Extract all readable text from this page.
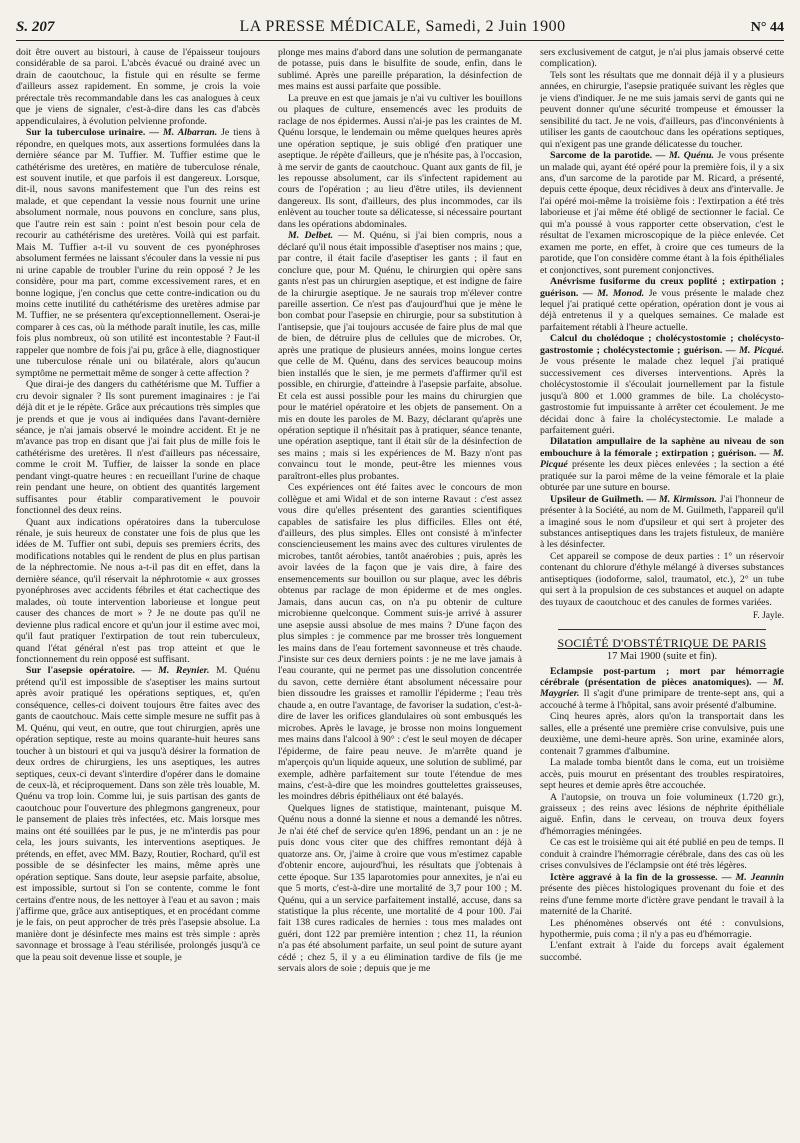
S. 207	LA PRESSE MÉDICALE, Samedi, 2 Juin 1900	N° 44

doit être ouvert au bistouri, à cause de l'épaisseur toujours considérable de sa paroi. L'abcès évacué ou drainé avec un drain de caoutchouc, la fistule qui en résulte se ferme d'ailleurs assez rapidement. En somme, je crois la voie prérectale très recommandable dans les cas analogues à ceux que je viens de signaler, c'est-à-dire dans les cas d'abcès appendiculaires, à évolution pelvienne profonde.

Sur la tuberculose urinaire. — M. Albarran. Je tiens à répondre, en quelques mots, aux assertions formulées dans la dernière séance par M. Tuffier. M. Tuffier estime que le cathétérisme des uretères, en matière de tuberculose rénale, est souvent inutile, et que parfois il est dangereux. Lorsque, dit-il, nous savons manifestement que l'un des reins est malade, et que cependant la vessie nous fournit une urine absolument normale, nous pouvons en conclure, sans plus, que l'autre rein est sain : point n'est besoin pour cela de recourir au cathétérisme des uretères. Voilà qui est parfait. Mais M. Tuffier a-t-il vu souvent de ces pyonéphroses absolument fermées ne laissant s'écouler dans la vessie ni pus ni urine capable de troubler l'urine du rein opposé ? Je les considère, pour ma part, comme excessivement rares, et en bonne logique, j'en conclus que cette contre-indication ou du moins cette inutilité du cathétérisme des uretères admise par M. Tuffier, ne se présentera qu'exceptionnellement. Oserai-je comparer à ces cas, où la méthode paraît inutile, les cas, mille fois plus nombreux, où son utilité est incontestable ? Faut-il rappeler que nombre de fois j'ai pu, grâce à elle, diagnostiquer une tuberculose rénale uni ou bilatérale, alors qu'aucun symptôme ne permettait même de songer à cette affection ?

Que dirai-je des dangers du cathétérisme que M. Tuffier a cru devoir signaler ? Ils sont purement imaginaires : je l'ai déjà dit et je le répète. Grâce aux précautions très simples que je prends et que je vous ai indiquées dans l'avant-dernière séance, je n'ai jamais observé le moindre accident. Et je ne m'avance pas trop en disant que j'ai fait plus de mille fois le cathétérisme des uretères. Il n'est d'ailleurs pas nécessaire, comme le croit M. Tuffier, de laisser la sonde en place pendant vingt-quatre heures : en recueillant l'urine de chaque rein pendant une heure, on obtient des quantités largement suffisantes pour établir comparativement le pouvoir fonctionnel des deux reins.

Quant aux indications opératoires dans la tuberculose rénale, je suis heureux de constater une fois de plus que les idées de M. Tuffier ont subi, depuis ses premiers écrits, des modifications notables qui le rendent de plus en plus partisan de la néphrectomie. Ne nous a-t-il pas dit en effet, dans la dernière séance, qu'il réservait la néphrotomie « aux grosses pyonéphroses avec accidents fébriles et état cachectique des malades, où toute intervention laborieuse et longue peut causer des chances de mort » ? Je ne doute pas qu'il ne devienne plus radical encore et qu'un jour il estime avec moi, qu'il faut pratiquer l'extirpation de tout rein tuberculeux, quand l'état général n'est pas trop atteint et que le fonctionnement du rein opposé est suffisant.

Sur l'asepsie opératoire. — M. Reynier. M. Quénu prétend qu'il est impossible de s'aseptiser les mains surtout après avoir pratiqué les opérations septiques, et, qu'en conséquence, celles-ci doivent toujours être faites avec des gants de caoutchouc. Mais cette simple mesure ne suffit pas à M. Quénu, qui veut, en outre, que tout chirurgien, après une opération septique, reste au moins quarante-huit heures sans toucher à un bistouri et qui va jusqu'à désirer la formation de deux ordres de chirurgiens, les uns aseptiques, les autres septiques, ceux-ci devant s'interdire d'opérer dans le domaine de ceux-là, et réciproquement. Dans son zèle très louable, M. Quénu va trop loin. Comme lui, je suis partisan des gants de caoutchouc pour l'ouverture des phlegmons gangreneux, pour le pansement de plaies très infectées, etc. Mais lorsque mes mains ont été souillées par le pus, je ne m'interdis pas pour cela, les jours suivants, les interventions aseptiques. Je prétends, en effet, avec MM. Bazy, Routier, Rochard, qu'il est possible de se désinfecter les mains, même après une opération septique. Sans doute, leur asepsie parfaite, absolue, est impossible, surtout si l'on se contente, comme le font certains d'entre nous, de les nettoyer à l'eau et au savon ; mais j'affirme que, grâce aux antiseptiques, et en procédant comme je le fais, on peut approcher de très près l'asepsie absolue. La manière dont je désinfecte mes mains est très simple : après savonnage et brossage à l'eau stérilisée, prolongés jusqu'à ce que la peau soit devenue lisse et souple, je

plonge mes mains d'abord dans une solution de permanganate de potasse, puis dans le bisulfite de soude, enfin, dans le sublimé. Après une pareille préparation, la désinfection de mes mains est aussi parfaite que possible.

La preuve en est que jamais je n'ai vu cultiver les bouillons ou plaques de culture, ensemencés avec les produits de raclage de nos épidermes. Aussi n'ai-je pas les craintes de M. Quénu lorsque, le lendemain ou même quelques heures après une opération septique, je suis obligé d'en pratiquer une aseptique. Je répète d'ailleurs, que je n'hésite pas, à l'occasion, à me servir de gants de caoutchouc. Quant aux gants de fil, je les repousse absolument, car ils s'infectent rapidement au cours de l'opération ; au lieu d'être utiles, ils deviennent dangereux. Ils sont, d'ailleurs, des plus incommodes, car ils enlèvent au toucher toute sa délicatesse, si nécessaire pourtant dans les opérations abdominales.

M. Delbet. — M. Quénu, si j'ai bien compris, nous a déclaré qu'il nous était impossible d'aseptiser nos mains ; que, par contre, il était facile d'aseptiser les gants ; il faut en conclure que, pour M. Quénu, le chirurgien qui opère sans gants n'est pas un chirurgien aseptique, et est indigne de faire de la chirurgie aseptique. Je ne saurais trop m'élever contre pareille assertion. Ce n'est pas d'aujourd'hui que je mène le bon combat pour l'asepsie en chirurgie, pour sa substitution à l'antisepsie, que j'ai toujours accusée de faire plus de mal que de bien, de détruire plus de cellules que de microbes. Or, après une pratique de plusieurs années, moins longue certes que celle de M. Quénu, dans des services beaucoup moins bien installés que le sien, je me permets d'affirmer qu'il est possible, en chirurgie, d'atteindre à l'asepsie parfaite, absolue. Et cela est aussi possible pour les mains du chirurgien que pour le matériel opératoire et les objets de pansement. On a mis en doute les paroles de M. Bazy, déclarant qu'après une opération septique il n'hésitait pas à pratiquer, séance tenante, une opération aseptique, tant il était sûr de la désinfection de ses mains ; mais si les expériences de M. Bazy n'ont pas convaincu tout le monde, peut-être les miennes vous paraîtront-elles plus probantes.

Ces expériences ont été faites avec le concours de mon collègue et ami Widal et de son interne Ravaut : c'est assez vous dire qu'elles présentent des garanties scientifiques capables de satisfaire les plus difficiles. Elles ont été, d'ailleurs, des plus simples. Elles ont consisté à m'infecter consciencieusement les mains avec des cultures virulentes de microbes, tantôt aérobies, tantôt anaérobies ; puis, après les avoir lavées de la façon que je vais dire, à faire des ensemencements sur bouillon ou sur plaque, avec les débris obtenus par raclage de mon épiderme et de mes ongles. Jamais, dans aucun cas, on n'a pu obtenir de culture microbienne quelconque. Comment suis-je arrivé à assurer une asepsie aussi absolue de mes mains ? D'une façon des plus simples : je commence par me brosser très longuement les mains dans de l'eau fortement savonneuse et très chaude. J'insiste sur ces deux derniers points : je ne me lave jamais à l'eau courante, qui ne permet pas une dissolution concentrée du savon, cette dernière étant absolument nécessaire pour bien dissoudre les graisses et ramollir l'épiderme ; l'eau très chaude a, en outre l'avantage, de favoriser la sudation, c'est-à-dire de laver les orifices glandulaires où sont embusqués les microbes. Après le lavage, je brosse non moins longuement mes mains dans l'alcool à 90° : c'est le seul moyen de décaper l'épiderme, de faire peau neuve. Je m'arrête quand je m'aperçois qu'un liquide aqueux, une solution de sublimé, par exemple, adhère parfaitement sur toute l'étendue de mes mains, c'est-à-dire que les moindres gouttelettes graisseuses, les moindres débris épithéliaux ont été balayés.

Quelques lignes de statistique, maintenant, puisque M. Quénu nous a donné la sienne et nous a demandé les nôtres. Je n'ai été chef de service qu'en 1896, pendant un an : je ne puis donc vous citer que des chiffres remontant déjà à quatorze ans. Or, j'aime à croire que vous m'estimez capable d'obtenir encore, aujourd'hui, les résultats que j'obtenais à cette époque. Sur 135 laparotomies pour annexites, je n'ai eu que 5 morts, c'est-à-dire une mortalité de 3,7 pour 100 ; M. Quénu, qui a un service parfaitement installé, accuse, dans sa statistique la plus récente, une mortalité de 4 pour 100. J'ai fait 138 cures radicales de hernies : tous mes malades ont guéri, dont 122 par première intention ; chez 11, la réunion n'a pas été absolument parfaite, un seul point de suture ayant cédé ; chez 5, il y a eu élimination tardive de fils (je me servais alors de soie ; depuis que je me

sers exclusivement de catgut, je n'ai plus jamais observé cette complication).

Tels sont les résultats que me donnait déjà il y a plusieurs années, en chirurgie, l'asepsie pratiquée suivant les règles que je viens d'indiquer. Je ne me suis jamais servi de gants qui ne peuvent donner qu'une sécurité trompeuse et émousser la sensibilité du tact. Je ne vois, d'ailleurs, pas d'inconvénients à utiliser les gants de caoutchouc dans les opérations septiques, qui n'exigent pas une grande délicatesse du toucher.

Sarcome de la parotide. — M. Quénu. Je vous présente un malade qui, ayant été opéré pour la première fois, il y a six ans, d'un sarcome de la parotide par M. Ricard, a présenté, depuis cette époque, deux récidives à deux ans d'intervalle. Je l'ai opéré moi-même la troisième fois : l'extirpation a été très laborieuse et j'ai même été obligé de sectionner le facial. Ce qui m'a poussé à vous rapporter cette observation, c'est le résultat de l'examen microscopique de la pièce enlevée. Cet examen me porte, en effet, à croire que ces tumeurs de la parotide, que l'on considère comme étant à la fois épithéliales et conjonctives, sont purement conjonctives.

Anévrisme fusiforme du creux poplité ; extirpation ; guérison. — M. Monod. Je vous présente le malade chez lequel j'ai pratiqué cette opération, opération dont je vous ai déjà entretenus il y a quelques semaines. Ce malade est parfaitement rétabli à l'heure actuelle.

Calcul du cholédoque ; cholécystostomie ; cholécysto-gastrostomie ; cholécystectomie ; guérison. — M. Picqué. Je vous présente le malade chez lequel j'ai pratiqué successivement ces diverses interventions. Après la cholécystostomie il s'écoulait journellement par la fistule jusqu'à 800 et 1.000 grammes de bile. La cholécysto-gastrostomie fut impuissante à arrêter cet écoulement. Je me décidai donc à faire la cholécystectomie. Le malade a parfaitement guéri.

Dilatation ampullaire de la saphène au niveau de son embouchure à la fémorale ; extirpation ; guérison. — M. Picqué présente les deux pièces enlevées ; la section a été pratiquée sur la paroi même de la veine fémorale et la plaie obturée par une suture en bourse.

Upsileur de Guilmeth. — M. Kirmisson. J'ai l'honneur de présenter à la Société, au nom de M. Guilmeth, l'appareil qu'il a imaginé sous le nom d'upsileur et qui sert à projeter des substances antiseptiques dans les trajets fistuleux, de manière à les désinfecter.

Cet appareil se compose de deux parties : 1° un réservoir contenant du chlorure d'éthyle mélangé à diverses substances antiseptiques (iodoforme, salol, traumatol, etc.), 2° un tube qui sert à la propulsion de ces substances et auquel on adapte des tuyaux de caoutchouc et des canules de formes variées.

F. Jayle.
SOCIÉTÉ D'OBSTÉTRIQUE DE PARIS
17 Mai 1900 (suite et fin).

Eclampsie post-partum ; mort par hémorragie cérébrale (présentation de pièces anatomiques). — M. Maygrier. Il s'agit d'une primipare de trente-sept ans, qui a accouché à terme à l'hôpital, sans avoir présenté d'albumine.

Cinq heures après, alors qu'on la transportait dans les salles, elle a présenté une première crise convulsive, puis une deuxième, une demi-heure après. Son urine, examinée alors, contenait 7 grammes d'albumine.

La malade tomba bientôt dans le coma, eut un troisième accès, puis mourut en présentant des troubles respiratoires, sept heures et demie après être accouchée.

A l'autopsie, on trouva un foie volumineux (1.720 gr.), graisseux ; des reins avec lésions de néphrite épithéliale aiguë. Enfin, dans le cerveau, on trouva deux foyers d'hémorragies méningées.

Ce cas est le troisième qui ait été publié en peu de temps. Il conduit à craindre l'hémorragie cérébrale, dans des cas où les crises convulsives de l'éclampsie ont été très légères.

Ictère aggravé à la fin de la grossesse. — M. Jeannin présente des pièces histologiques provenant du foie et des reins d'une femme morte d'ictère grave pendant le travail à la maternité de la Charité.

Les phénomènes observés ont été : convulsions, hypothermie, puis coma ; il n'y a pas eu d'hémorragie.

L'enfant extrait à l'aide du forceps avait également succombé.
